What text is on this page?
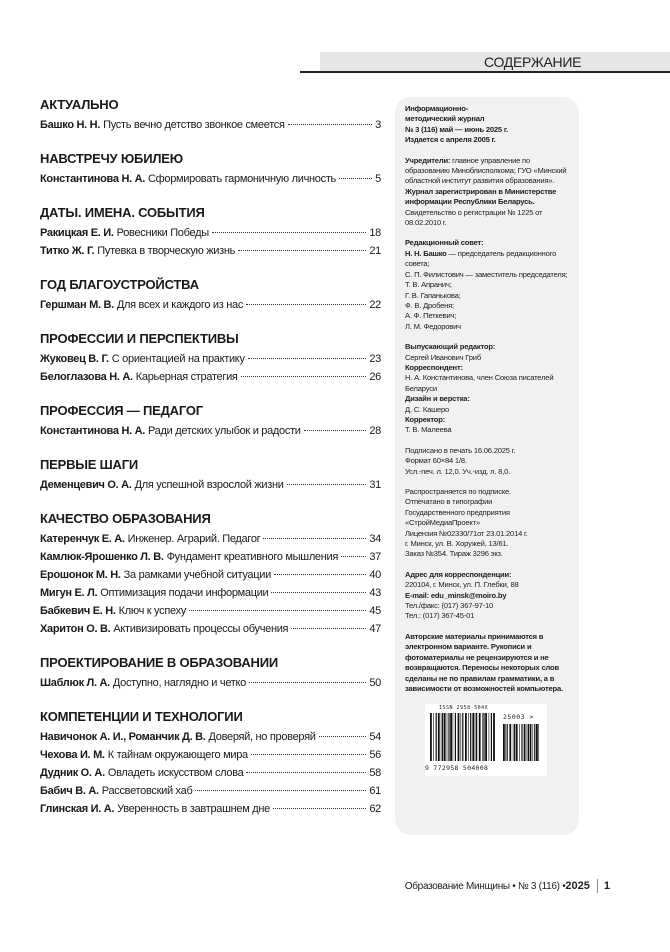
СОДЕРЖАНИЕ
АКТУАЛЬНО
Башко Н. Н. Пусть вечно детство звонкое смеется	3
НАВСТРЕЧУ ЮБИЛЕЮ
Константинова Н. А. Сформировать гармоничную личность	5
ДАТЫ. ИМЕНА. СОБЫТИЯ
Ракицкая Е. И. Ровесники Победы	18
Титко Ж. Г. Путевка в творческую жизнь	21
ГОД БЛАГОУСТРОЙСТВА
Гершман М. В. Для всех и каждого из нас	22
ПРОФЕССИИ И ПЕРСПЕКТИВЫ
Жуковец В. Г. С ориентацией на практику	23
Белоглазова Н. А. Карьерная стратегия	26
ПРОФЕССИЯ — ПЕДАГОГ
Константинова Н. А. Ради детских улыбок и радости	28
ПЕРВЫЕ ШАГИ
Деменцевич О. А. Для успешной взрослой жизни	31
КАЧЕСТВО ОБРАЗОВАНИЯ
Катеренчук Е. А. Инженер. Аграрий. Педагог	34
Камлюк-Ярошенко Л. В. Фундамент креативного мышления	37
Ерошонок М. Н. За рамками учебной ситуации	40
Мигун Е. Л. Оптимизация подачи информации	43
Бабкевич Е. Н. Ключ к успеху	45
Харитон О. В. Активизировать процессы обучения	47
ПРОЕКТИРОВАНИЕ В ОБРАЗОВАНИИ
Шаблюк Л. А. Доступно, наглядно и четко	50
КОМПЕТЕНЦИИ И ТЕХНОЛОГИИ
Навичонок А. И., Романчик Д. В. Доверяй, но проверяй	54
Чехова И. М. К тайнам окружающего мира	56
Дудник О. А. Овладеть искусством слова	58
Бабич В. А. Рассветовский хаб	61
Глинская И. А. Уверенность в завтрашнем дне	62
Информационно-
методический журнал
№ 3 (116) май — июнь 2025 г.
Издается с апреля 2005 г.
Учредители: главное управление по образованию Миноблисполкома; ГУО «Минский областной институт развития образования».
Журнал зарегистрирован в Министерстве информации Республики Беларусь.
Свидетельство о регистрации № 1225 от 08.02.2010 г.
Редакционный совет:
Н. Н. Башко — председатель редакционного совета;
С. П. Филистович — заместитель председателя;
Т. В. Апранич;
Г. В. Гапанькова;
Ф. В. Дробеня;
А. Ф. Петкевич;
Л. М. Федорович
Выпускающий редактор:
Сергей Иванович Гриб
Корреспондент:
Н. А. Константинова, член Союза писателей Беларуси
Дизайн и верстка:
Д. С. Кашеро
Корректор:
Т. В. Малеева
Подписано в печать 16.06.2025 г.
Формат 60×84 1/8.
Усл.-печ. л. 12,0. Уч.-изд. л. 8,0.
Распространяется по подписке.
Отпечатано в типографии
Государственного предприятия
«СтройМедиаПроект»
Лицензия №02330/71от 23.01.2014 г.
г. Минск, ул. В. Хоружей, 13/61.
Заказ №354. Тираж 3296 экз.
Адрес для корреспонденции:
220104, г. Минск, ул. П. Глебки, 88
E-mail: edu_minsk@moiro.by
Тел./факс: (017) 367-97-10
Тел.: (017) 367-45-01
Авторские материалы принимаются в электронном варианте. Рукописи и фотоматериалы не рецензируются и не возвращаются. Переносы некоторых слов сделаны не по правилам грамматики, а в зависимости от возможностей компьютера.
ISSN 2958-504X
25003 >
9 772958 504008
Образование Минщины • № 3 (116) • 2025 1
